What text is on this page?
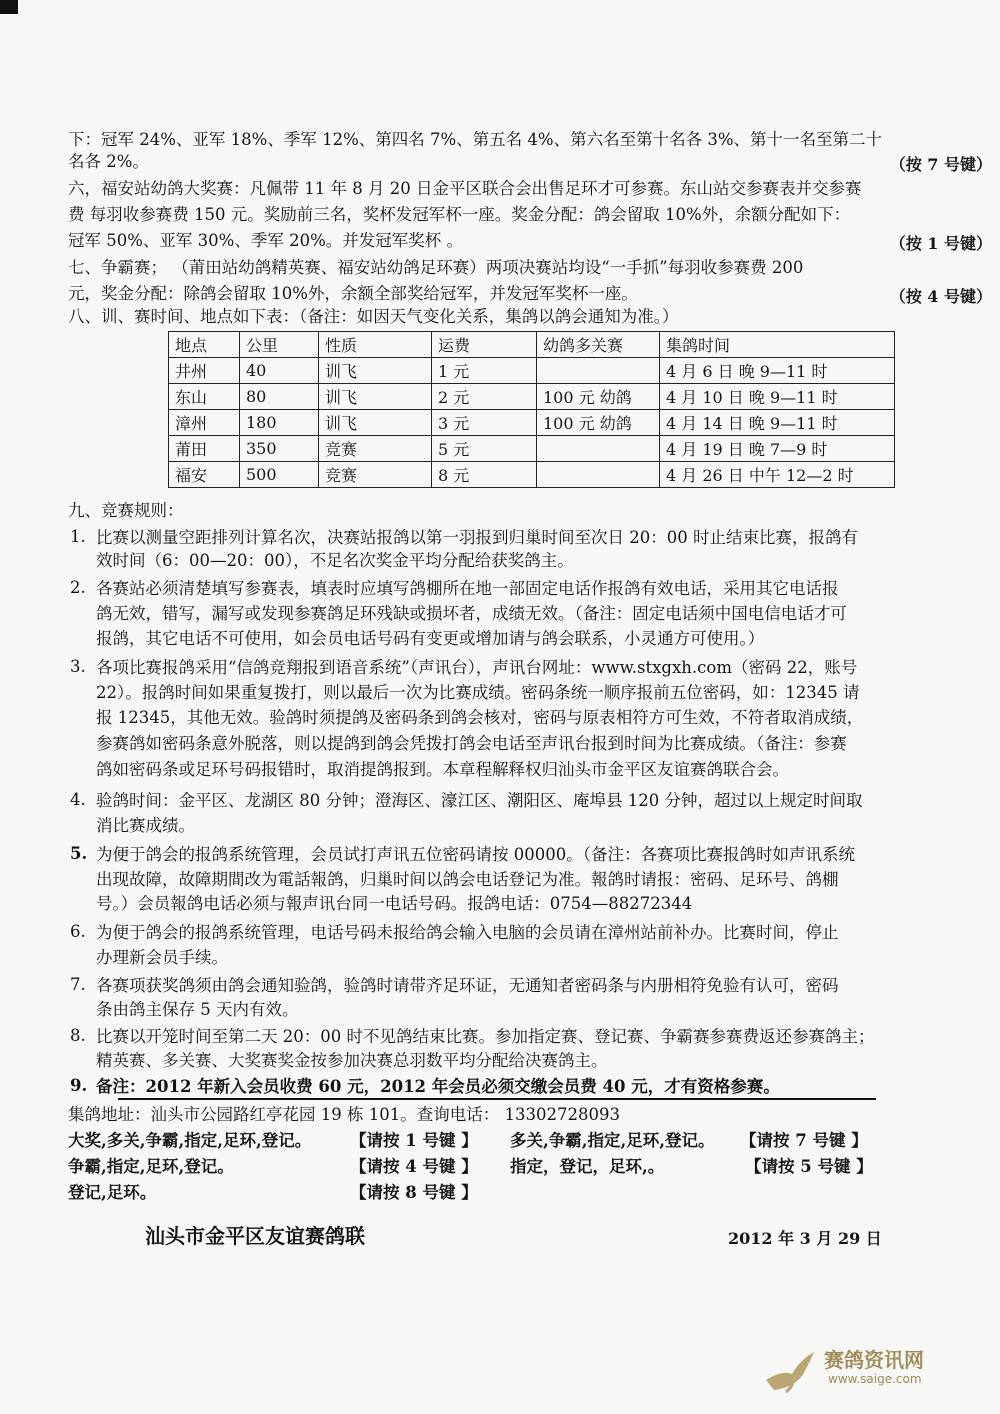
下：冠军 24%、亚军 18%、季军 12%、第四名 7%、第五名 4%、第六名至第十名各 3%、第十一名至第二十
名各 2%。	（按 7 号键）
六，福安站幼鸽大奖赛：凡佩带 11 年 8 月 20 日金平区联合会出售足环才可参赛。东山站交参赛表并交参赛
费 每羽收参赛费 150 元。奖励前三名，奖杯发冠军杯一座。奖金分配：鸽会留取 10%外，余额分配如下：
冠军 50%、亚军 30%、季军 20%。并发冠军奖杯 。	（按 1 号键）
七、争霸赛； （莆田站幼鸽精英赛、福安站幼鸽足环赛）两项决赛站均设“一手抓”每羽收参赛费 200
元，奖金分配：除鸽会留取 10%外，余额全部奖给冠军，并发冠军奖杯一座。	（按 4 号键）
八、训、赛时间、地点如下表：（备注：如因天气变化关系，集鸽以鸽会通知为准。）
地点	公里	性质	运费	幼鸽多关赛	集鸽时间
井州	40	训飞	1 元		4 月 6 日 晚 9—11 时
东山	80	训飞	2 元	100 元 幼鸽	4 月 10 日 晚 9—11 时
漳州	180	训飞	3 元	100 元 幼鸽	4 月 14 日 晚 9—11 时
莆田	350	竞赛	5 元		4 月 19 日 晚 7—9 时
福安	500	竞赛	8 元		4 月 26 日 中午 12—2 时
九、竞赛规则：
1. 比赛以测量空距排列计算名次，决赛站报鸽以第一羽报到归巢时间至次日 20：00 时止结束比赛，报鸽有
效时间（6：00—20：00），不足名次奖金平均分配给获奖鸽主。
2. 各赛站必须清楚填写参赛表，填表时应填写鸽棚所在地一部固定电话作报鸽有效电话，采用其它电话报
鸽无效，错写，漏写或发现参赛鸽足环残缺或损坏者，成绩无效。（备注：固定电话须中国电信电话才可
报鸽，其它电话不可使用，如会员电话号码有变更或增加请与鸽会联系，小灵通方可使用。）
3. 各项比赛报鸽采用“信鸽竞翔报到语音系统”（声讯台），声讯台网址：www.stxgxh.com（密码 22，账号
22）。报鸽时间如果重复拨打，则以最后一次为比赛成绩。密码条统一顺序报前五位密码，如：12345 请
报 12345，其他无效。验鸽时须提鸽及密码条到鸽会核对，密码与原表相符方可生效，不符者取消成绩，
参赛鸽如密码条意外脱落，则以提鸽到鸽会凭拨打鸽会电话至声讯台报到时间为比赛成绩。（备注：参赛
鸽如密码条或足环号码报错时，取消提鸽报到。本章程解释权归汕头市金平区友谊赛鸽联合会。
4. 验鸽时间：金平区、龙湖区 80 分钟；澄海区、濠江区、潮阳区、庵埠县 120 分钟，超过以上规定时间取
消比赛成绩。
5. 为便于鸽会的报鸽系统管理，会员试打声讯五位密码请按 00000。（备注：各赛项比赛报鸽时如声讯系统
出现故障，故障期間改为電話報鸽，归巢时间以鸽会电话登记为准。報鸽时请报：密码、足环号、鸽棚
号。）会员報鸽电话必须与報声讯台同一电话号码。报鸽电话：0754—88272344
6. 为便于鸽会的报鸽系统管理，电话号码未报给鸽会输入电脑的会员请在漳州站前补办。比赛时间，停止
办理新会员手续。
7. 各赛项获奖鸽须由鸽会通知验鸽，验鸽时请带齐足环证，无通知者密码条与内册相符免验有认可，密码
条由鸽主保存 5 天内有效。
8. 比赛以开笼时间至第二天 20：00 时不见鸽结束比赛。参加指定赛、登记赛、争霸赛参赛费返还参赛鸽主；
精英赛、多关赛、大奖赛奖金按参加决赛总羽数平均分配给决赛鸽主。
9. 备注：2012 年新入会员收费 60 元，2012 年会员必须交缴会员费 40 元，才有资格参赛。
集鸽地址：汕头市公园路红亭花园 19 栋 101。查询电话： 13302728093
大奖,多关,争霸,指定,足环,登记。 【请按 1 号键 】 多关,争霸,指定,足环,登记。 【请按 7 号键 】
争霸,指定,足环,登记。	【请按 4 号键 】 指定，登记，足环,。	【请按 5 号键 】
登记,足环。	【请按 8 号键 】
汕头市金平区友谊赛鸽联	2012 年 3 月 29 日
赛鸽资讯网
www.saige.com
